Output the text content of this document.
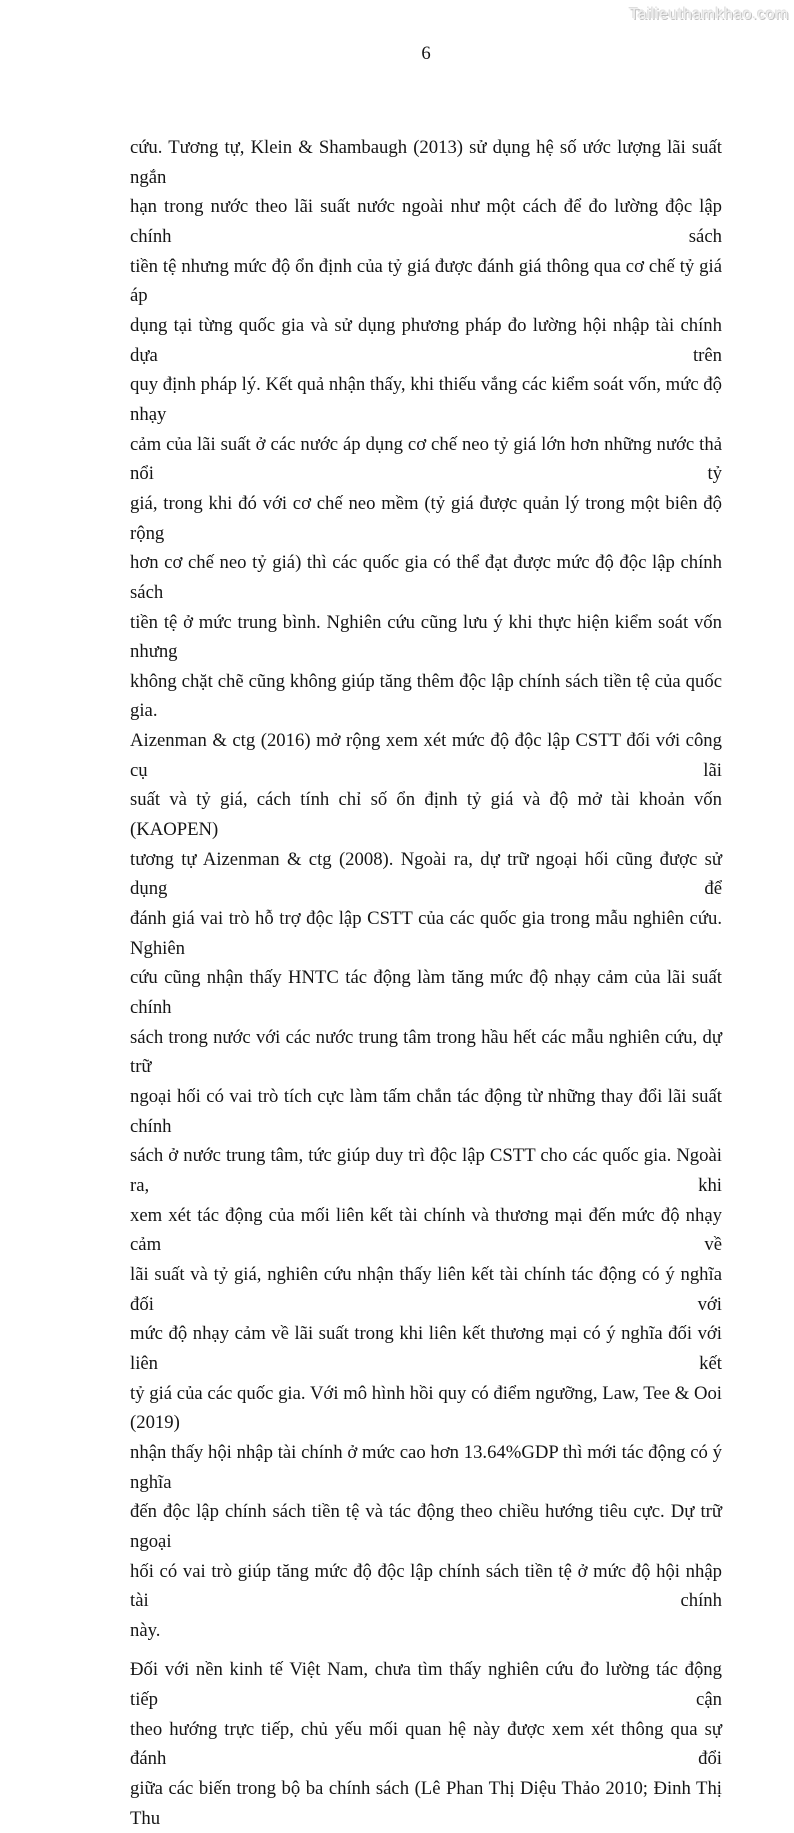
Tailieuthamkhao.com
6
cứu. Tương tự, Klein & Shambaugh (2013) sử dụng hệ số ước lượng lãi suất ngắn
hạn trong nước theo lãi suất nước ngoài như một cách để đo lường độc lập chính sách
tiền tệ nhưng mức độ ổn định của tỷ giá được đánh giá thông qua cơ chế tỷ giá áp
dụng tại từng quốc gia và sử dụng phương pháp đo lường hội nhập tài chính dựa trên
quy định pháp lý. Kết quả nhận thấy, khi thiếu vắng các kiểm soát vốn, mức độ nhạy
cảm của lãi suất ở các nước áp dụng cơ chế neo tỷ giá lớn hơn những nước thả nổi tỷ
giá, trong khi đó với cơ chế neo mềm (tỷ giá được quản lý trong một biên độ rộng
hơn cơ chế neo tỷ giá) thì các quốc gia có thể đạt được mức độ độc lập chính sách
tiền tệ ở mức trung bình. Nghiên cứu cũng lưu ý khi thực hiện kiểm soát vốn nhưng
không chặt chẽ cũng không giúp tăng thêm độc lập chính sách tiền tệ của quốc gia.
Aizenman & ctg (2016) mở rộng xem xét mức độ độc lập CSTT đối với công cụ lãi
suất và tỷ giá, cách tính chỉ số ổn định tỷ giá và độ mở tài khoản vốn (KAOPEN)
tương tự Aizenman & ctg (2008). Ngoài ra, dự trữ ngoại hối cũng được sử dụng để
đánh giá vai trò hỗ trợ độc lập CSTT của các quốc gia trong mẫu nghiên cứu. Nghiên
cứu cũng nhận thấy HNTC tác động làm tăng mức độ nhạy cảm của lãi suất chính
sách trong nước với các nước trung tâm trong hầu hết các mẫu nghiên cứu, dự trữ
ngoại hối có vai trò tích cực làm tấm chắn tác động từ những thay đổi lãi suất chính
sách ở nước trung tâm, tức giúp duy trì độc lập CSTT cho các quốc gia. Ngoài ra, khi
xem xét tác động của mối liên kết tài chính và thương mại đến mức độ nhạy cảm về
lãi suất và tỷ giá, nghiên cứu nhận thấy liên kết tài chính tác động có ý nghĩa đối với
mức độ nhạy cảm về lãi suất trong khi liên kết thương mại có ý nghĩa đối với liên kết
tỷ giá của các quốc gia. Với mô hình hồi quy có điểm ngưỡng, Law, Tee & Ooi (2019)
nhận thấy hội nhập tài chính ở mức cao hơn 13.64%GDP thì mới tác động có ý nghĩa
đến độc lập chính sách tiền tệ và tác động theo chiều hướng tiêu cực. Dự trữ ngoại
hối có vai trò giúp tăng mức độ độc lập chính sách tiền tệ ở mức độ hội nhập tài chính
này.
Đối với nền kinh tế Việt Nam, chưa tìm thấy nghiên cứu đo lường tác động tiếp cận
theo hướng trực tiếp, chủ yếu mối quan hệ này được xem xét thông qua sự đánh đổi
giữa các biến trong bộ ba chính sách (Lê Phan Thị Diệu Thảo 2010; Đinh Thị Thu
